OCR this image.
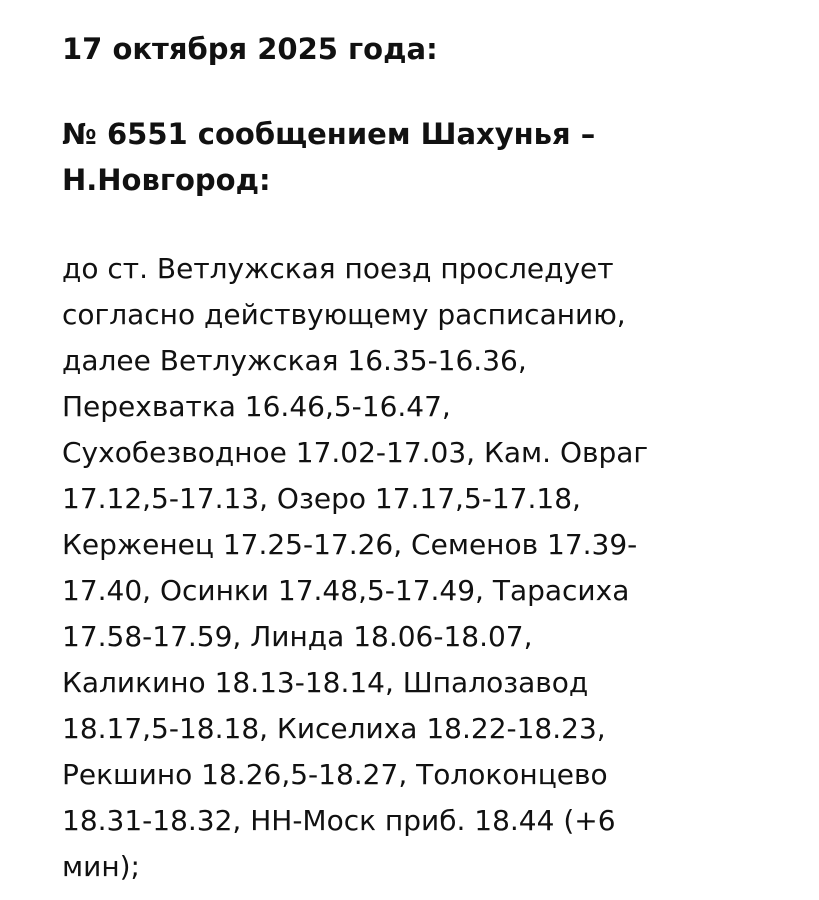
17 октября 2025 года:

№ 6551 сообщением Шахунья –
Н.Новгород:

до ст. Ветлужская поезд проследует
согласно действующему расписанию,
далее Ветлужская 16.35-16.36,
Перехватка 16.46,5-16.47,
Сухобезводное 17.02-17.03, Кам. Овраг
17.12,5-17.13, Озеро 17.17,5-17.18,
Керженец 17.25-17.26, Семенов 17.39-
17.40, Осинки 17.48,5-17.49, Тарасиха
17.58-17.59, Линда 18.06-18.07,
Каликино 18.13-18.14, Шпалозавод
18.17,5-18.18, Киселиха 18.22-18.23,
Рекшино 18.26,5-18.27, Толоконцево
18.31-18.32, НН-Моск приб. 18.44 (+6
мин);
